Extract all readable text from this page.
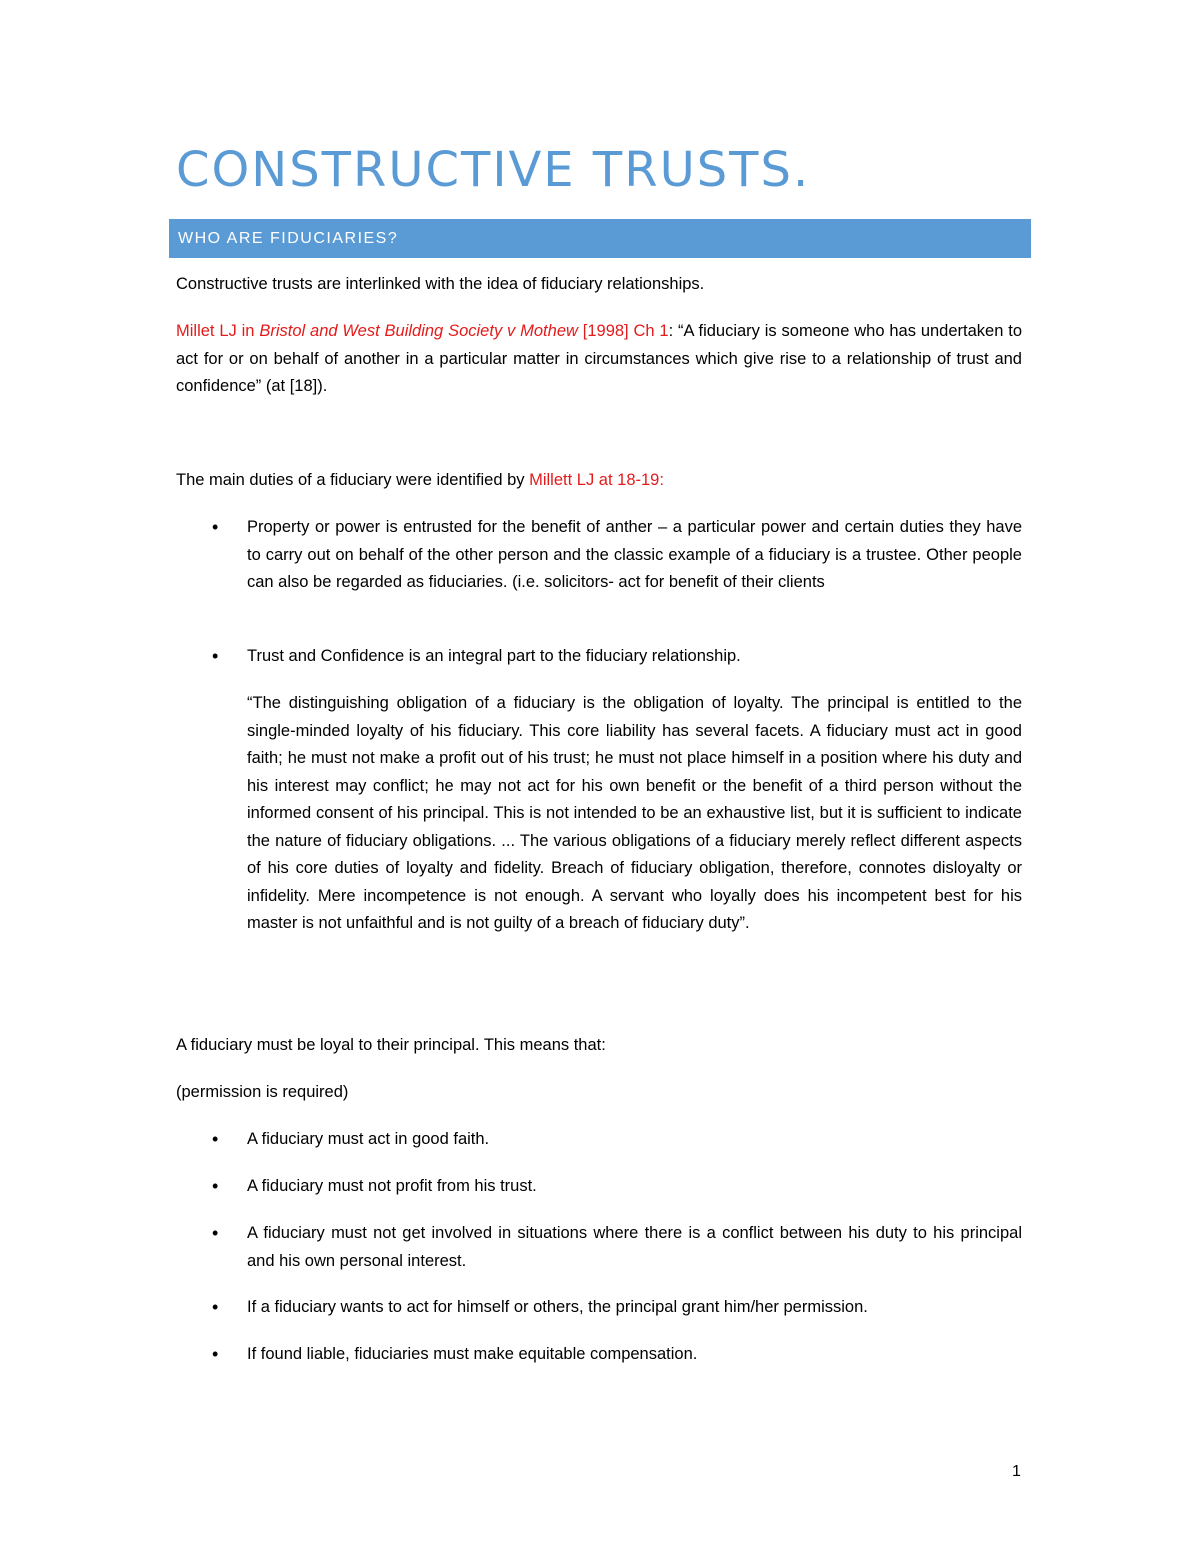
CONSTRUCTIVE TRUSTS.
WHO ARE FIDUCIARIES?
Constructive trusts are interlinked with the idea of fiduciary relationships.
Millet LJ in Bristol and West Building Society v Mothew [1998] Ch 1: “A fiduciary is someone who has undertaken to act for or on behalf of another in a particular matter in circumstances which give rise to a relationship of trust and confidence” (at [18]).
The main duties of a fiduciary were identified by Millett LJ at 18-19:
• Property or power is entrusted for the benefit of anther – a particular power and certain duties they have to carry out on behalf of the other person and the classic example of a fiduciary is a trustee. Other people can also be regarded as fiduciaries. (i.e. solicitors- act for benefit of their clients
• Trust and Confidence is an integral part to the fiduciary relationship.
“The distinguishing obligation of a fiduciary is the obligation of loyalty. The principal is entitled to the single-minded loyalty of his fiduciary. This core liability has several facets. A fiduciary must act in good faith; he must not make a profit out of his trust; he must not place himself in a position where his duty and his interest may conflict; he may not act for his own benefit or the benefit of a third person without the informed consent of his principal. This is not intended to be an exhaustive list, but it is sufficient to indicate the nature of fiduciary obligations. ... The various obligations of a fiduciary merely reflect different aspects of his core duties of loyalty and fidelity. Breach of fiduciary obligation, therefore, connotes disloyalty or infidelity. Mere incompetence is not enough. A servant who loyally does his incompetent best for his master is not unfaithful and is not guilty of a breach of fiduciary duty”.
A fiduciary must be loyal to their principal. This means that:
(permission is required)
• A fiduciary must act in good faith.
• A fiduciary must not profit from his trust.
• A fiduciary must not get involved in situations where there is a conflict between his duty to his principal and his own personal interest.
• If a fiduciary wants to act for himself or others, the principal grant him/her permission.
• If found liable, fiduciaries must make equitable compensation.
1
